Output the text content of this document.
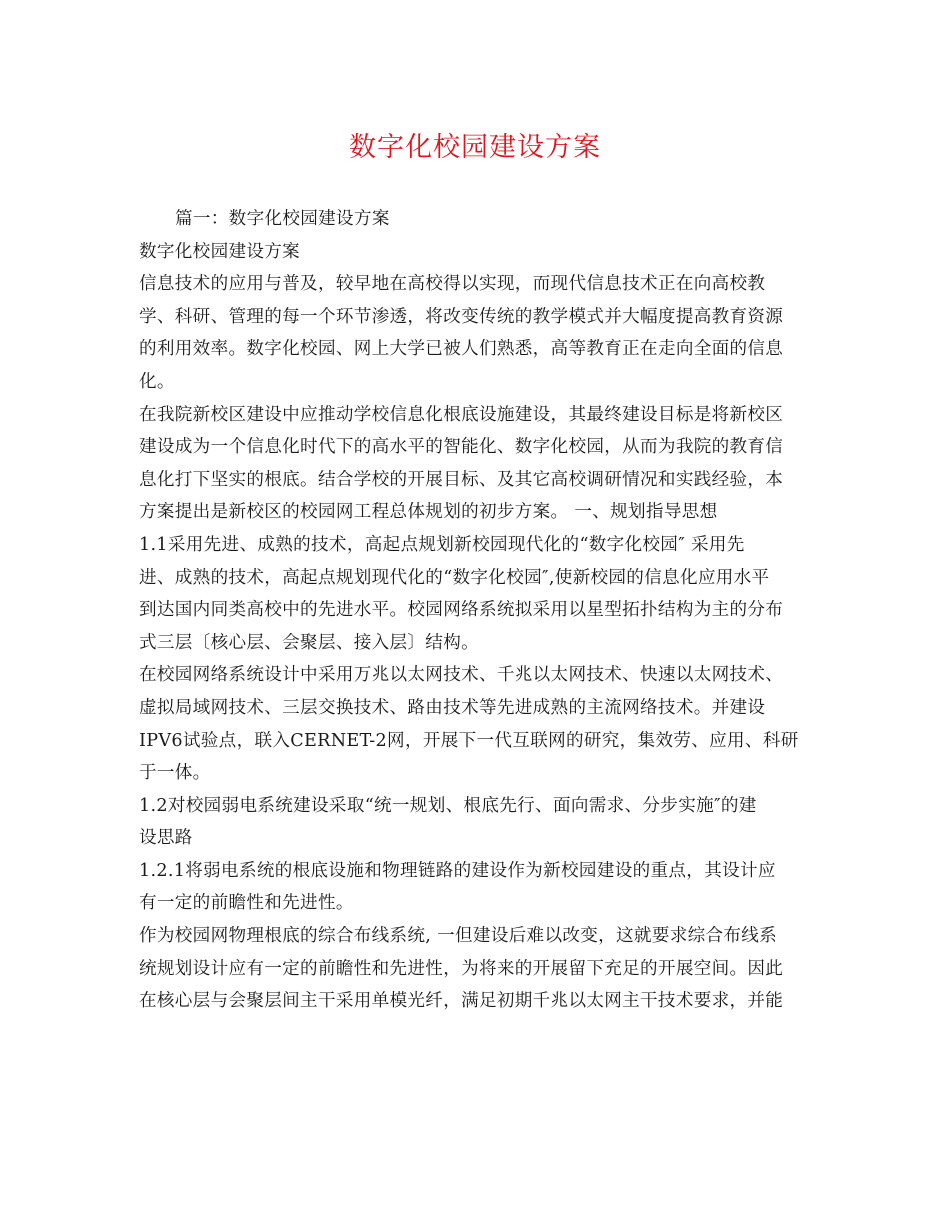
数字化校园建设方案
篇一：数字化校园建设方案
数字化校园建设方案
信息技术的应用与普及，较早地在高校得以实现，而现代信息技术正在向高校教
学、科研、管理的每一个环节渗透，将改变传统的教学模式并大幅度提高教育资源
的利用效率。数字化校园、网上大学已被人们熟悉，高等教育正在走向全面的信息
化。
在我院新校区建设中应推动学校信息化根底设施建设，其最终建设目标是将新校区
建设成为一个信息化时代下的高水平的智能化、数字化校园，从而为我院的教育信
息化打下坚实的根底。结合学校的开展目标、及其它高校调研情况和实践经验，本
方案提出是新校区的校园网工程总体规划的初步方案。 一、规划指导思想
1.1采用先进、成熟的技术，高起点规划新校园现代化的“数字化校园″ 采用先
进、成熟的技术，高起点规划现代化的“数字化校园″,使新校园的信息化应用水平
到达国内同类高校中的先进水平。校园网络系统拟采用以星型拓扑结构为主的分布
式三层〔核心层、会聚层、接入层〕结构。
在校园网络系统设计中采用万兆以太网技术、千兆以太网技术、快速以太网技术、
虚拟局域网技术、三层交换技术、路由技术等先进成熟的主流网络技术。并建设
IPV6试验点，联入CERNET-2网，开展下一代互联网的研究，集效劳、应用、科研
于一体。
1.2对校园弱电系统建设采取“统一规划、根底先行、面向需求、分步实施″的建
设思路
1.2.1将弱电系统的根底设施和物理链路的建设作为新校园建设的重点，其设计应
有一定的前瞻性和先进性。
作为校园网物理根底的综合布线系统, 一但建设后难以改变，这就要求综合布线系
统规划设计应有一定的前瞻性和先进性，为将来的开展留下充足的开展空间。因此
在核心层与会聚层间主干采用单模光纤，满足初期千兆以太网主干技术要求，并能
